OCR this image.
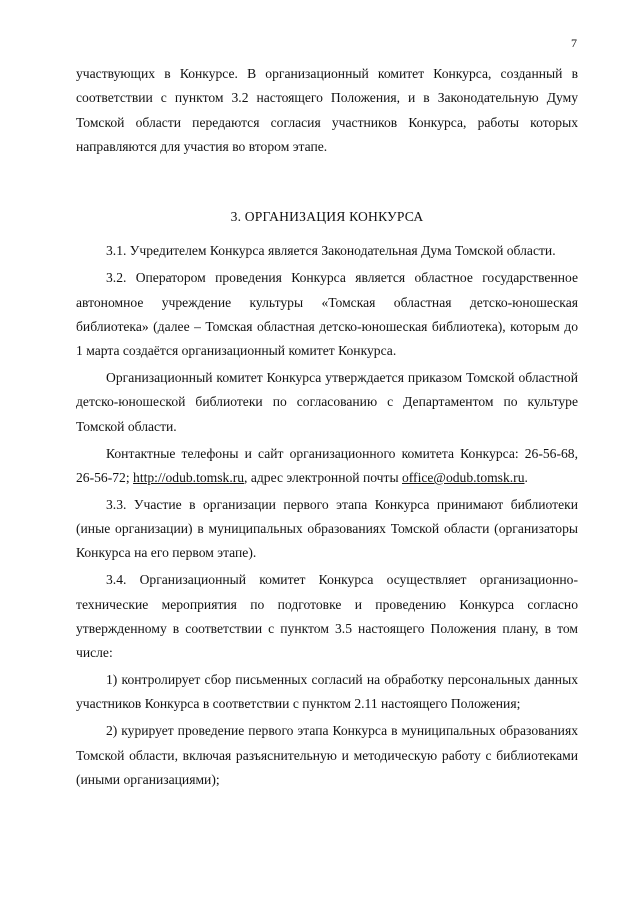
7

участвующих в Конкурсе. В организационный комитет Конкурса, созданный в соответствии с пунктом 3.2 настоящего Положения, и в Законодательную Думу Томской области передаются согласия участников Конкурса, работы которых направляются для участия во втором этапе.

3. ОРГАНИЗАЦИЯ КОНКУРСА

3.1. Учредителем Конкурса является Законодательная Дума Томской области.

3.2. Оператором проведения Конкурса является областное государственное автономное учреждение культуры «Томская областная детско-юношеская библиотека» (далее – Томская областная детско-юношеская библиотека), которым до 1 марта создаётся организационный комитет Конкурса.

Организационный комитет Конкурса утверждается приказом Томской областной детско-юношеской библиотеки по согласованию с Департаментом по культуре Томской области.

Контактные телефоны и сайт организационного комитета Конкурса: 26-56-68, 26-56-72; http://odub.tomsk.ru, адрес электронной почты office@odub.tomsk.ru.

3.3. Участие в организации первого этапа Конкурса принимают библиотеки (иные организации) в муниципальных образованиях Томской области (организаторы Конкурса на его первом этапе).

3.4. Организационный комитет Конкурса осуществляет организационно-технические мероприятия по подготовке и проведению Конкурса согласно утвержденному в соответствии с пунктом 3.5 настоящего Положения плану, в том числе:

1) контролирует сбор письменных согласий на обработку персональных данных участников Конкурса в соответствии с пунктом 2.11 настоящего Положения;

2) курирует проведение первого этапа Конкурса в муниципальных образованиях Томской области, включая разъяснительную и методическую работу с библиотеками (иными организациями);
